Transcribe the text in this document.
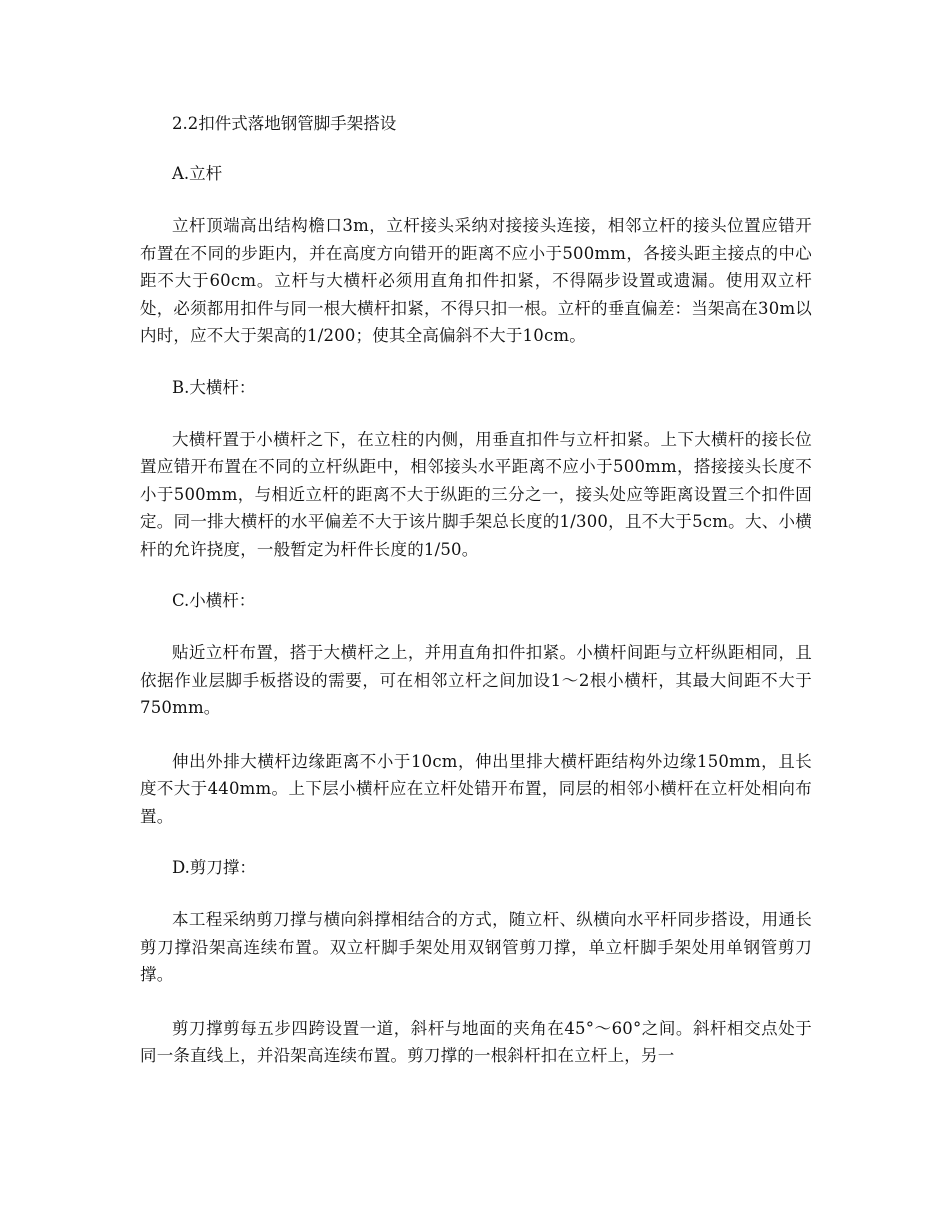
2.2扣件式落地钢管脚手架搭设
A.立杆

立杆顶端高出结构檐口3m，立杆接头采纳对接接头连接，相邻立杆的接头位置应错开布置在不同的步距内，并在高度方向错开的距离不应小于500mm，各接头距主接点的中心距不大于60cm。立杆与大横杆必须用直角扣件扣紧，不得隔步设置或遗漏。使用双立杆处，必须都用扣件与同一根大横杆扣紧，不得只扣一根。立杆的垂直偏差：当架高在30m以内时，应不大于架高的1/200；使其全高偏斜不大于10cm。

B.大横杆：

大横杆置于小横杆之下，在立柱的内侧，用垂直扣件与立杆扣紧。上下大横杆的接长位置应错开布置在不同的立杆纵距中，相邻接头水平距离不应小于500mm，搭接接头长度不小于500mm，与相近立杆的距离不大于纵距的三分之一，接头处应等距离设置三个扣件固定。同一排大横杆的水平偏差不大于该片脚手架总长度的1/300，且不大于5cm。大、小横杆的允许挠度，一般暂定为杆件长度的1/50。

C.小横杆：

贴近立杆布置，搭于大横杆之上，并用直角扣件扣紧。小横杆间距与立杆纵距相同，且依据作业层脚手板搭设的需要，可在相邻立杆之间加设1～2根小横杆，其最大间距不大于750mm。

伸出外排大横杆边缘距离不小于10cm，伸出里排大横杆距结构外边缘150mm，且长度不大于440mm。上下层小横杆应在立杆处错开布置，同层的相邻小横杆在立杆处相向布置。

D.剪刀撑：

本工程采纳剪刀撑与横向斜撑相结合的方式，随立杆、纵横向水平杆同步搭设，用通长剪刀撑沿架高连续布置。双立杆脚手架处用双钢管剪刀撑，单立杆脚手架处用单钢管剪刀撑。

剪刀撑剪每五步四跨设置一道，斜杆与地面的夹角在45°～60°之间。斜杆相交点处于同一条直线上，并沿架高连续布置。剪刀撑的一根斜杆扣在立杆上，另一
